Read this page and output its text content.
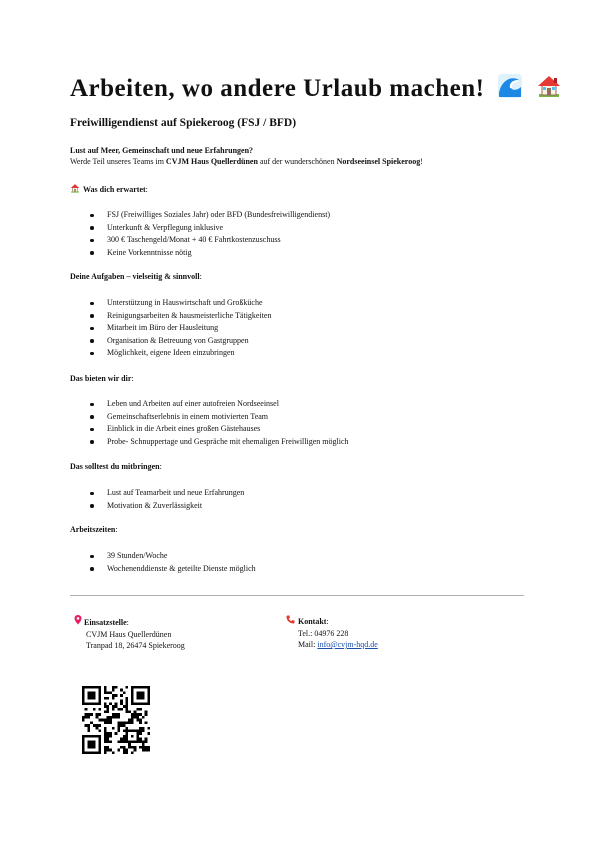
Arbeiten, wo andere Urlaub machen!
Freiwilligendienst auf Spiekeroog (FSJ / BFD)

Lust auf Meer, Gemeinschaft und neue Erfahrungen?

Werde Teil unseres Teams im CVJM Haus Quellerdünen auf der wunderschönen Nordseeinsel Spiekeroog!

Was dich erwartet:

FSJ (Freiwilliges Soziales Jahr) oder BFD (Bundesfreiwilligendienst)
Unterkunft & Verpflegung inklusive
300 € Taschengeld/Monat + 40 € Fahrtkostenzuschuss
Keine Vorkenntnisse nötig

Deine Aufgaben – vielseitig & sinnvoll:

Unterstützung in Hauswirtschaft und Großküche
Reinigungsarbeiten & hausmeisterliche Tätigkeiten
Mitarbeit im Büro der Hausleitung
Organisation & Betreuung von Gastgruppen
Möglichkeit, eigene Ideen einzubringen

Das bieten wir dir:

Leben und Arbeiten auf einer autofreien Nordseeinsel
Gemeinschaftserlebnis in einem motivierten Team
Einblick in die Arbeit eines großen Gästehauses
Probe- Schnuppertage und Gespräche mit ehemaligen Freiwilligen möglich

Das solltest du mitbringen:

Lust auf Teamarbeit und neue Erfahrungen
Motivation & Zuverlässigkeit

Arbeitszeiten:

39 Stunden/Woche
Wochenenddienste & geteilte Dienste möglich
Einsatzstelle:
CVJM Haus Quellerdünen
Tranpad 18, 26474 Spiekeroog
Kontakt:
Tel.: 04976 228
Mail: info@cvjm-hqd.de
